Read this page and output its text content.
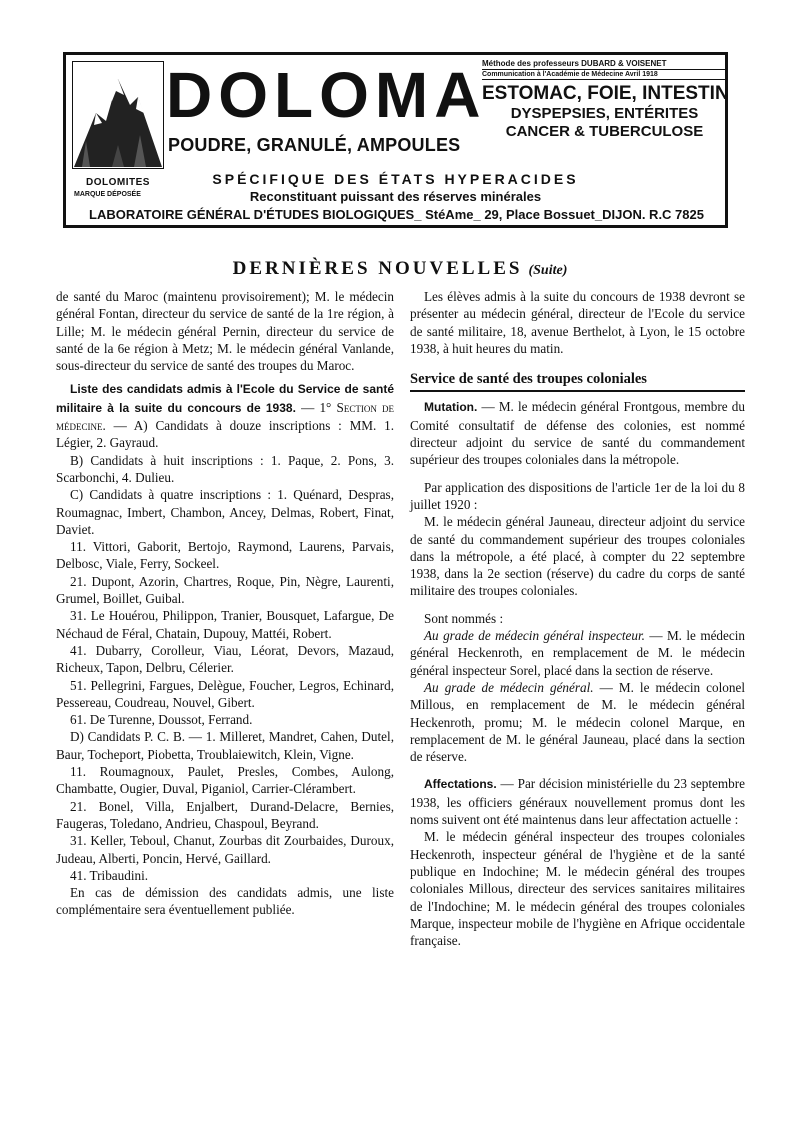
DOLOMITES
MARQUE DÉPOSÉE
DOLOMA
POUDRE, GRANULÉ, AMPOULES
Méthode des professeurs DUBARD & VOISENET
Communication à l'Académie de Médecine Avril 1918
ESTOMAC, FOIE, INTESTIN
DYSPEPSIES, ENTÉRITES
CANCER & TUBERCULOSE
SPÉCIFIQUE DES ÉTATS HYPERACIDES
Reconstituant puissant des réserves minérales
LABORATOIRE GÉNÉRAL D'ÉTUDES BIOLOGIQUES_ StéAme_ 29, Place Bossuet_DIJON. R.C 7825
DERNIÈRES NOUVELLES (Suite)

de santé du Maroc (maintenu provisoirement); M. le médecin général Fontan, directeur du service de santé de la 1re région, à Lille; M. le médecin général Pernin, directeur du service de santé de la 6e région à Metz; M. le médecin général Vanlande, sous-directeur du service de santé des troupes du Maroc.

Liste des candidats admis à l'Ecole du Service de santé militaire à la suite du concours de 1938. — 1° Section de médecine. — A) Candidats à douze inscriptions : MM. 1. Légier, 2. Gayraud.

B) Candidats à huit inscriptions : 1. Paque, 2. Pons, 3. Scarbonchi, 4. Dulieu.

C) Candidats à quatre inscriptions : 1. Quénard, Despras, Roumagnac, Imbert, Chambon, Ancey, Delmas, Robert, Finat, Daviet.

11. Vittori, Gaborit, Bertojo, Raymond, Laurens, Parvais, Delbosc, Viale, Ferry, Sockeel.

21. Dupont, Azorin, Chartres, Roque, Pin, Nègre, Laurenti, Grumel, Boillet, Guibal.

31. Le Houérou, Philippon, Tranier, Bousquet, Lafargue, De Néchaud de Féral, Chatain, Dupouy, Mattéi, Robert.

41. Dubarry, Corolleur, Viau, Léorat, Devors, Mazaud, Richeux, Tapon, Delbru, Célerier.

51. Pellegrini, Fargues, Delègue, Foucher, Legros, Echinard, Pessereau, Coudreau, Nouvel, Gibert.

61. De Turenne, Doussot, Ferrand.

D) Candidats P. C. B. — 1. Milleret, Mandret, Cahen, Dutel, Baur, Tocheport, Piobetta, Troublaiewitch, Klein, Vigne.

11. Roumagnoux, Paulet, Presles, Combes, Aulong, Chambatte, Ougier, Duval, Piganiol, Carrier-Clérambert.

21. Bonel, Villa, Enjalbert, Durand-Delacre, Bernies, Faugeras, Toledano, Andrieu, Chaspoul, Beyrand.

31. Keller, Teboul, Chanut, Zourbas dit Zourbaides, Duroux, Judeau, Alberti, Poncin, Hervé, Gaillard.

41. Tribaudini.

En cas de démission des candidats admis, une liste complémentaire sera éventuellement publiée.

Les élèves admis à la suite du concours de 1938 devront se présenter au médecin général, directeur de l'Ecole du service de santé militaire, 18, avenue Berthelot, à Lyon, le 15 octobre 1938, à huit heures du matin.

Service de santé des troupes coloniales

Mutation. — M. le médecin général Frontgous, membre du Comité consultatif de défense des colonies, est nommé directeur adjoint du service de santé du commandement supérieur des troupes coloniales dans la métropole.

Par application des dispositions de l'article 1er de la loi du 8 juillet 1920 :

M. le médecin général Jauneau, directeur adjoint du service de santé du commandement supérieur des troupes coloniales dans la métropole, a été placé, à compter du 22 septembre 1938, dans la 2e section (réserve) du cadre du corps de santé militaire des troupes coloniales.

Sont nommés :

Au grade de médecin général inspecteur. — M. le médecin général Heckenroth, en remplacement de M. le médecin général inspecteur Sorel, placé dans la section de réserve.

Au grade de médecin général. — M. le médecin colonel Millous, en remplacement de M. le médecin général Heckenroth, promu; M. le médecin colonel Marque, en remplacement de M. le général Jauneau, placé dans la section de réserve.

Affectations. — Par décision ministérielle du 23 septembre 1938, les officiers généraux nouvellement promus dont les noms suivent ont été maintenus dans leur affectation actuelle :

M. le médecin général inspecteur des troupes coloniales Heckenroth, inspecteur général de l'hygiène et de la santé publique en Indochine; M. le médecin général des troupes coloniales Millous, directeur des services sanitaires militaires de l'Indochine; M. le médecin général des troupes coloniales Marque, inspecteur mobile de l'hygiène en Afrique occidentale française.
